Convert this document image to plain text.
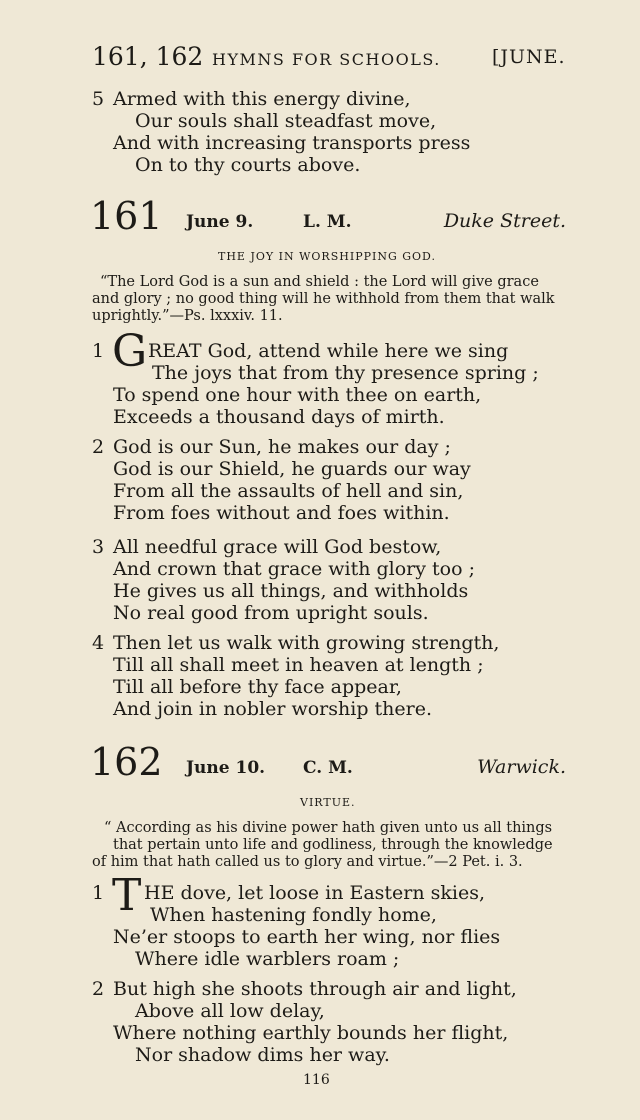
161, 162 HYMNS FOR SCHOOLS.	[JUNE.
5 Armed with this energy divine,
Our souls shall steadfast move,
And with increasing transports press
On to thy courts above.
161 June 9.	L. M.	Duke Street.
THE JOY IN WORSHIPPING GOD.
“The Lord God is a sun and shield : the Lord will give grace
and glory ; no good thing will he withhold from them that walk
uprightly.”—Ps. lxxxiv. 11.
1 G REAT God, attend while here we sing
The joys that from thy presence spring ;
To spend one hour with thee on earth,
Exceeds a thousand days of mirth.
2 God is our Sun, he makes our day ;
God is our Shield, he guards our way
From all the assaults of hell and sin,
From foes without and foes within.
3 All needful grace will God bestow,
And crown that grace with glory too ;
He gives us all things, and withholds
No real good from upright souls.
4 Then let us walk with growing strength,
Till all shall meet in heaven at length ;
Till all before thy face appear,
And join in nobler worship there.
162 June 10. C. M.	Warwick.
VIRTUE.
“ According as his divine power hath given unto us all things
that pertain unto life and godliness, through the knowledge
of him that hath called us to glory and virtue.”—2 Pet. i. 3.
1 T HE dove, let loose in Eastern skies,
When hastening fondly home,
Ne’er stoops to earth her wing, nor flies
Where idle warblers roam ;
2 But high she shoots through air and light,
Above all low delay,
Where nothing earthly bounds her flight,
Nor shadow dims her way.
116
